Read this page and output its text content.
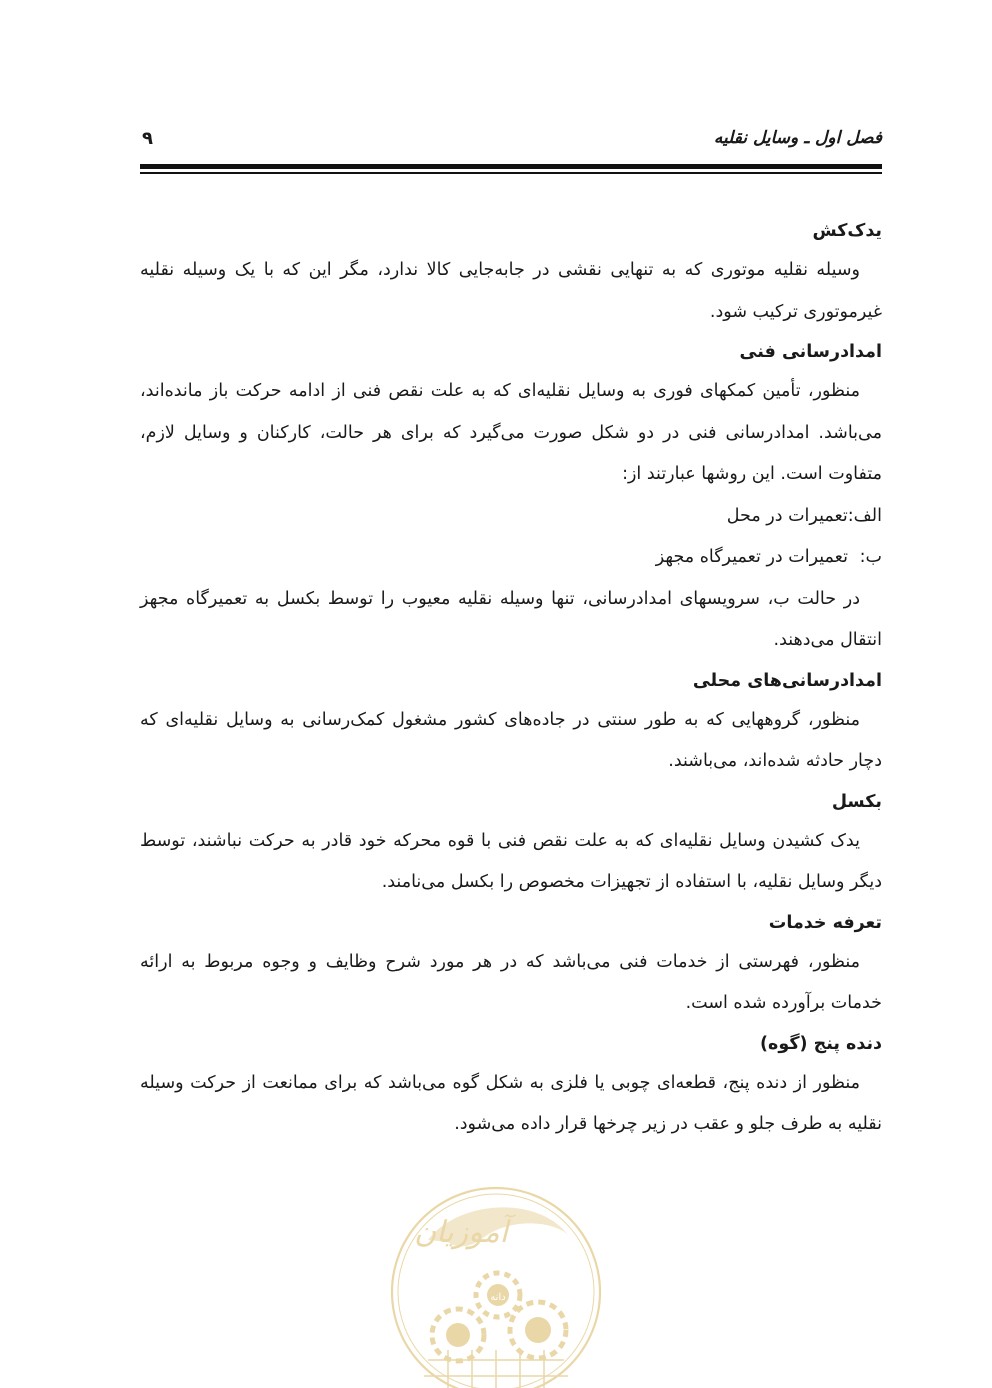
فصل اول ـ وسایل نقلیه
۹
یدک‌کش

وسیله نقلیه موتوری که به تنهایی نقشی در جابه‌جایی کالا ندارد، مگر این که با یک وسیله نقلیه غیرموتوری ترکیب شود.

امدادرسانی فنی

منظور، تأمین کمکهای فوری به وسایل نقلیه‌ای که به علت نقص فنی از ادامه حرکت باز مانده‌اند، می‌باشد. امدادرسانی فنی در دو شکل صورت می‌گیرد که برای هر حالت، کارکنان و وسایل لازم، متفاوت است. این روشها عبارتند از:

الف:تعمیرات در محل
ب:تعمیرات در تعمیرگاه مجهز

در حالت ب، سرویسهای امدادرسانی، تنها وسیله نقلیه معیوب را توسط بکسل به تعمیرگاه مجهز انتقال می‌دهند.

امدادرسانی‌های محلی

منظور، گروههایی که به طور سنتی در جاده‌های کشور مشغول کمک‌رسانی به وسایل نقلیه‌ای که دچار حادثه شده‌اند، می‌باشند.

بکسل

یدک کشیدن وسایل نقلیه‌ای که به علت نقص فنی با قوه محرکه خود قادر به حرکت نباشند، توسط دیگر وسایل نقلیه، با استفاده از تجهیزات مخصوص را بکسل می‌نامند.

تعرفه خدمات

منظور، فهرستی از خدمات فنی می‌باشد که در هر مورد شرح وظایف و وجوه مربوط به ارائه خدمات برآورده شده است.

دنده پنج (گوه)

منظور از دنده پنج، قطعه‌ای چوبی یا فلزی به شکل گوه می‌باشد که برای ممانعت از حرکت وسیله نقلیه به طرف جلو و عقب در زیر چرخها قرار داده می‌شود.

آموزیان
دانه
